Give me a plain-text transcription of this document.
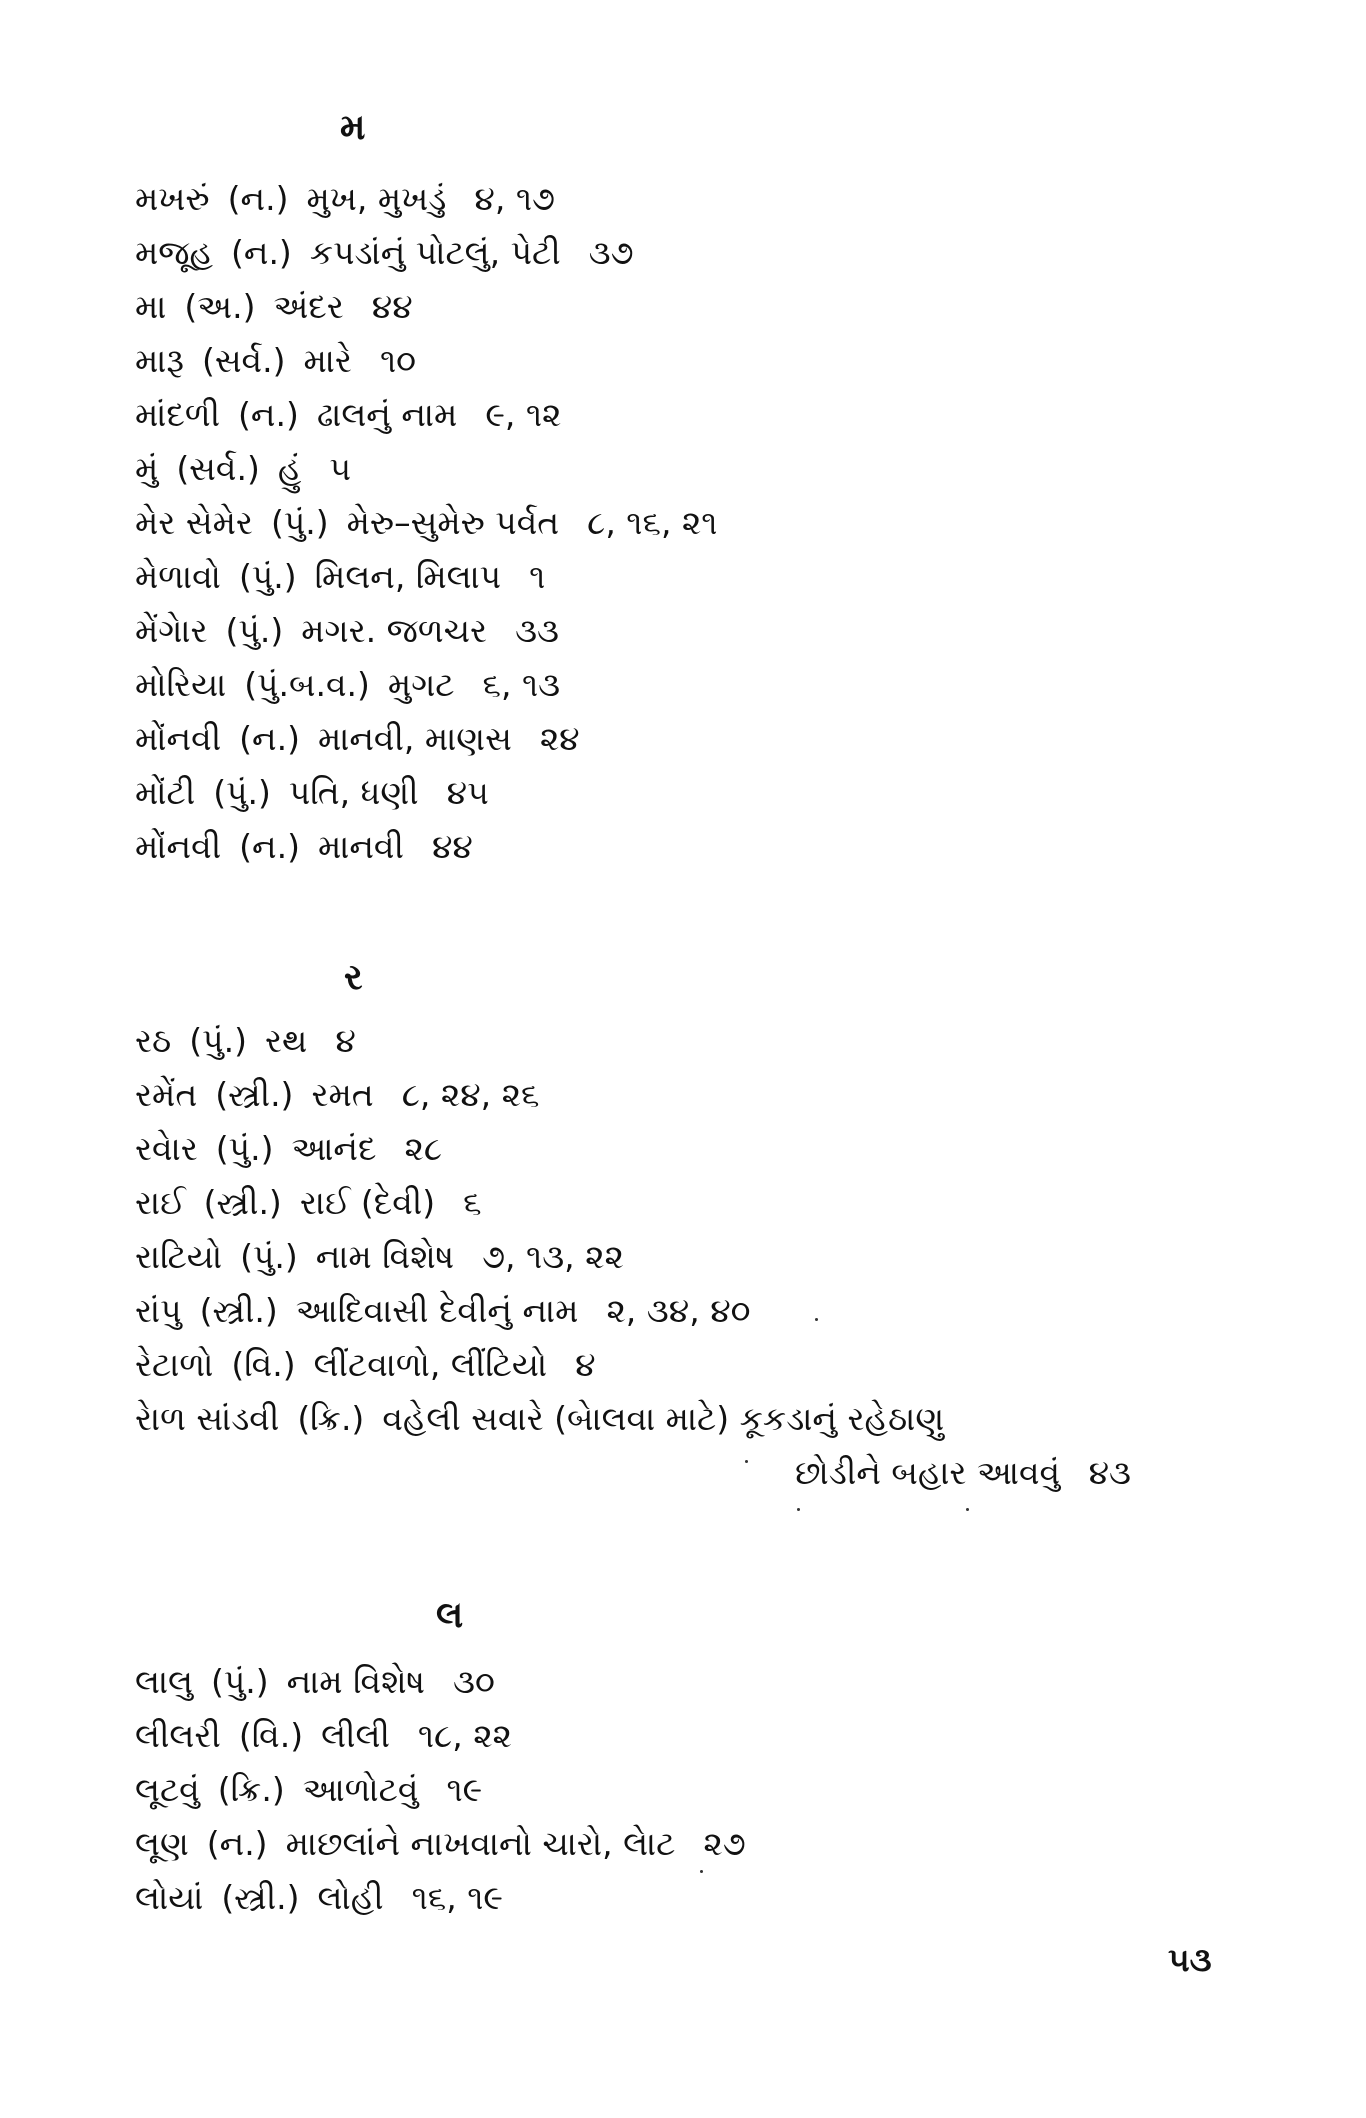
મ
મખરું (ન.) મુખ, મુખડું ૪, ૧૭
મજૂહ (ન.) કપડાંનું પોટલું, પેટી ૩૭
મા (અ.) અંદર ૪૪
મારૂ (સર્વ.) મારે ૧૦
માંદળી (ન.) ઢાલનું નામ ૯, ૧૨
મું (સર્વ.) હું ૫
મેર સેમેર (પું.) મેરુ–સુમેરુ પર્વત ૮, ૧૬, ૨૧
મેળાવો (પું.) મિલન, મિલાપ ૧
મેંગેાર (પું.) મગર. જળચર ૩૩
મોરિયા (પું.બ.વ.) મુગટ ૬, ૧૩
મોંનવી (ન.) માનવી, માણસ ૨૪
મોંટી (પું.) પતિ, ધણી ૪૫
મોંનવી (ન.) માનવી ૪૪
ર
રઠ (પું.) રથ ૪
રમેંત (સ્ત્રી.) રમત ૮, ૨૪, ૨૬
રવેાર (પું.) આનંદ ૨૮
રાઈ (સ્ત્રી.) રાઈ (દેવી) ૬
રાટિયો (પું.) નામ વિશેષ ૭, ૧૩, ૨૨
રાંપુ (સ્ત્રી.) આદિવાસી દેવીનું નામ ૨, ૩૪, ૪૦
રેટાળો (વિ.) લીંટવાળો, લીંટિયો ૪
રેાળ સાંડવી (ક્રિ.) વહેલી સવારે (બેાલવા માટે) કૂકડાનું રહેઠાણુ
છોડીને બહાર આવવું ૪૩
લ
લાલુ (પું.) નામ વિશેષ ૩૦
લીલરી (વિ.) લીલી ૧૮, ૨૨
લૂટવું (ક્રિ.) આળોટવું ૧૯
લૂણ (ન.) માછલાંને નાખવાનો ચારો, લેાટ ૨૭
લોયાં (સ્ત્રી.) લોહી ૧૬, ૧૯
૫૩
